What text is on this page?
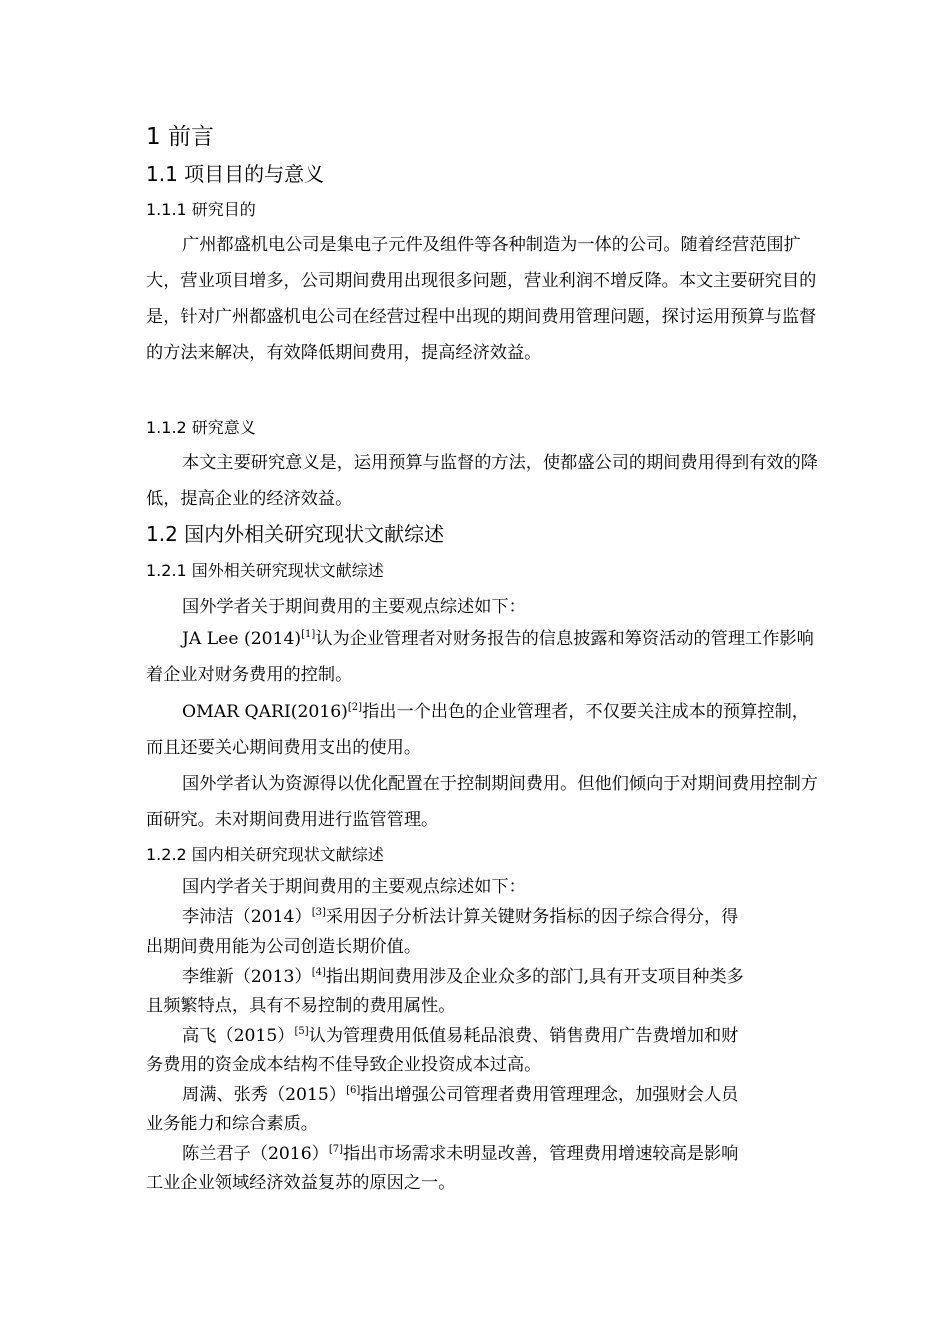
1 前言
1.1 项目目的与意义
1.1.1 研究目的
广州都盛机电公司是集电子元件及组件等各种制造为一体的公司。随着经营范围扩大，营业项目增多，公司期间费用出现很多问题，营业利润不增反降。本文主要研究目的是，针对广州都盛机电公司在经营过程中出现的期间费用管理问题，探讨运用预算与监督的方法来解决，有效降低期间费用，提高经济效益。
1.1.2 研究意义
本文主要研究意义是，运用预算与监督的方法，使都盛公司的期间费用得到有效的降低，提高企业的经济效益。
1.2 国内外相关研究现状文献综述
1.2.1 国外相关研究现状文献综述
国外学者关于期间费用的主要观点综述如下：
JA Lee (2014)[1]认为企业管理者对财务报告的信息披露和筹资活动的管理工作影响着企业对财务费用的控制。
OMAR QARI(2016)[2]指出一个出色的企业管理者，不仅要关注成本的预算控制，而且还要关心期间费用支出的使用。
国外学者认为资源得以优化配置在于控制期间费用。但他们倾向于对期间费用控制方面研究。未对期间费用进行监管管理。
1.2.2 国内相关研究现状文献综述
国内学者关于期间费用的主要观点综述如下：
李沛洁（2014）[3]采用因子分析法计算关键财务指标的因子综合得分，得
出期间费用能为公司创造长期价值。
李维新（2013）[4]指出期间费用涉及企业众多的部门,具有开支项目种类多
且频繁特点，具有不易控制的费用属性。
高飞（2015）[5]认为管理费用低值易耗品浪费、销售费用广告费增加和财
务费用的资金成本结构不佳导致企业投资成本过高。
周满、张秀（2015）[6]指出增强公司管理者费用管理理念，加强财会人员
业务能力和综合素质。
陈兰君子（2016）[7]指出市场需求未明显改善，管理费用增速较高是影响
工业企业领域经济效益复苏的原因之一。
